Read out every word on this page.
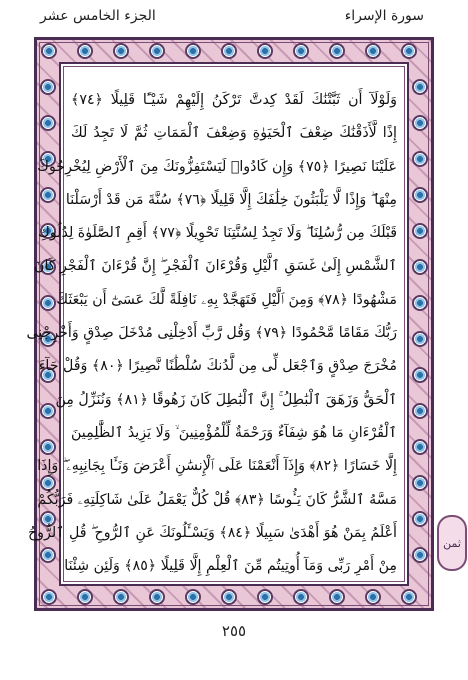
سورة الإسراء
الجزء الخامس عشر
وَلَوْلَآ أَن ثَبَّتْنَٰكَ لَقَدْ كِدتَّ تَرْكَنُ إِلَيْهِمْ شَيْـًٔا قَلِيلًا ﴿٧٤﴾
إِذًا لَّأَذَقْنَٰكَ ضِعْفَ ٱلْحَيَوٰةِ وَضِعْفَ ٱلْمَمَاتِ ثُمَّ لَا تَجِدُ لَكَ
عَلَيْنَا نَصِيرًا ﴿٧٥﴾ وَإِن كَادُوا۟ لَيَسْتَفِزُّونَكَ مِنَ ٱلْأَرْضِ لِيُخْرِجُوكَ
مِنْهَا ۖ وَإِذًا لَّا يَلْبَثُونَ خِلَٰفَكَ إِلَّا قَلِيلًا ﴿٧٦﴾ سُنَّةَ مَن قَدْ أَرْسَلْنَا
قَبْلَكَ مِن رُّسُلِنَا ۖ وَلَا تَجِدُ لِسُنَّتِنَا تَحْوِيلًا ﴿٧٧﴾ أَقِمِ ٱلصَّلَوٰةَ لِدُلُوكِ
ٱلشَّمْسِ إِلَىٰ غَسَقِ ٱلَّيْلِ وَقُرْءَانَ ٱلْفَجْرِ ۖ إِنَّ قُرْءَانَ ٱلْفَجْرِ كَانَ
مَشْهُودًا ﴿٧٨﴾ وَمِنَ ٱلَّيْلِ فَتَهَجَّدْ بِهِۦ نَافِلَةً لَّكَ عَسَىٰٓ أَن يَبْعَثَكَ
رَبُّكَ مَقَامًا مَّحْمُودًا ﴿٧٩﴾ وَقُل رَّبِّ أَدْخِلْنِى مُدْخَلَ صِدْقٍ وَأَخْرِجْنِى
مُخْرَجَ صِدْقٍ وَٱجْعَل لِّى مِن لَّدُنكَ سُلْطَٰنًا نَّصِيرًا ﴿٨٠﴾ وَقُلْ جَآءَ
ٱلْحَقُّ وَزَهَقَ ٱلْبَٰطِلُ ۚ إِنَّ ٱلْبَٰطِلَ كَانَ زَهُوقًا ﴿٨١﴾ وَنُنَزِّلُ مِنَ
ٱلْقُرْءَانِ مَا هُوَ شِفَآءٌ وَرَحْمَةٌ لِّلْمُؤْمِنِينَ ۙ وَلَا يَزِيدُ ٱلظَّٰلِمِينَ
إِلَّا خَسَارًا ﴿٨٢﴾ وَإِذَآ أَنْعَمْنَا عَلَى ٱلْإِنسَٰنِ أَعْرَضَ وَنَـَٔا بِجَانِبِهِۦ ۖ وَإِذَا
مَسَّهُ ٱلشَّرُّ كَانَ يَـُٔوسًا ﴿٨٣﴾ قُلْ كُلٌّ يَعْمَلُ عَلَىٰ شَاكِلَتِهِۦ فَرَبُّكُمْ
أَعْلَمُ بِمَنْ هُوَ أَهْدَىٰ سَبِيلًا ﴿٨٤﴾ وَيَسْـَٔلُونَكَ عَنِ ٱلرُّوحِ ۖ قُلِ ٱلرُّوحُ
مِنْ أَمْرِ رَبِّى وَمَآ أُوتِيتُم مِّنَ ٱلْعِلْمِ إِلَّا قَلِيلًا ﴿٨٥﴾ وَلَئِن شِئْنَا
ثمن
٢٥٥
